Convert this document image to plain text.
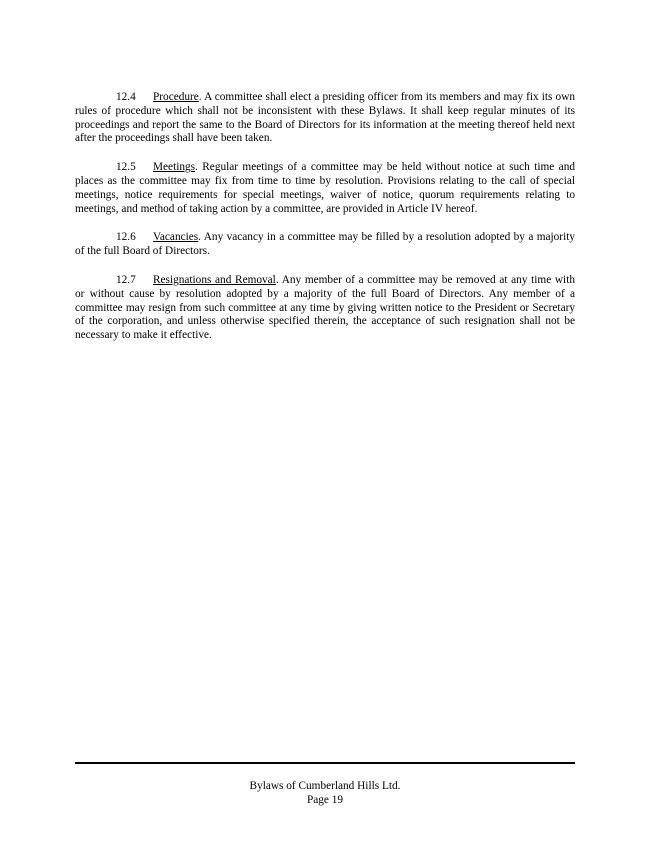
12.4 Procedure. A committee shall elect a presiding officer from its members and may fix its own rules of procedure which shall not be inconsistent with these Bylaws. It shall keep regular minutes of its proceedings and report the same to the Board of Directors for its information at the meeting thereof held next after the proceedings shall have been taken.

12.5 Meetings. Regular meetings of a committee may be held without notice at such time and places as the committee may fix from time to time by resolution. Provisions relating to the call of special meetings, notice requirements for special meetings, waiver of notice, quorum requirements relating to meetings, and method of taking action by a committee, are provided in Article IV hereof.

12.6 Vacancies. Any vacancy in a committee may be filled by a resolution adopted by a majority of the full Board of Directors.

12.7 Resignations and Removal. Any member of a committee may be removed at any time with or without cause by resolution adopted by a majority of the full Board of Directors. Any member of a committee may resign from such committee at any time by giving written notice to the President or Secretary of the corporation, and unless otherwise specified therein, the acceptance of such resignation shall not be necessary to make it effective.

Bylaws of Cumberland Hills Ltd.
Page 19
